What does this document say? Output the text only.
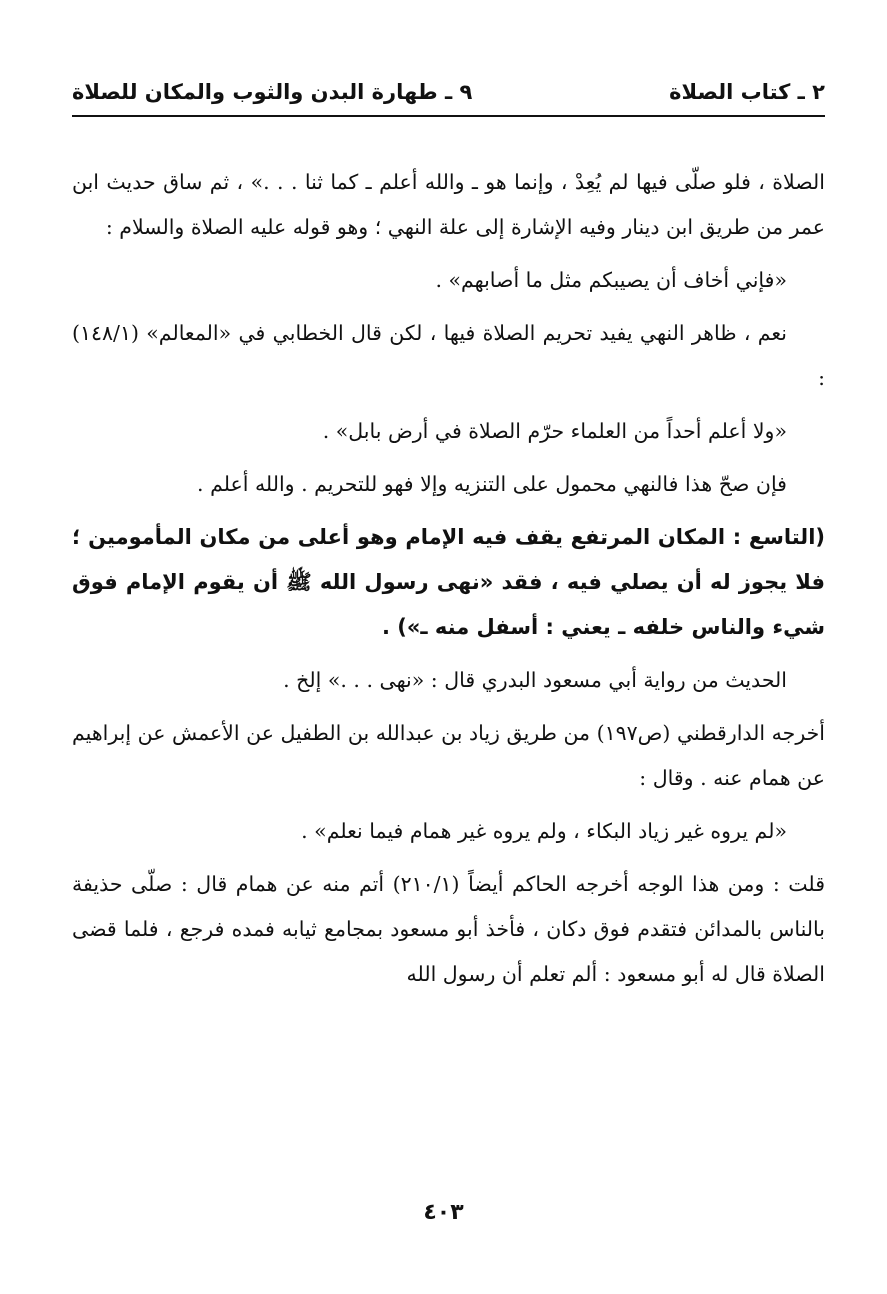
٢ ـ كتاب الصلاة
٩ ـ طهارة البدن والثوب والمكان للصلاة

الصلاة ، فلو صلّى فيها لم يُعِدْ ، وإنما هو ـ والله أعلم ـ كما ثنا . . .» ، ثم ساق حديث ابن عمر من طريق ابن دينار وفيه الإشارة إلى علة النهي ؛ وهو قوله عليه الصلاة والسلام :

«فإني أخاف أن يصيبكم مثل ما أصابهم» .

نعم ، ظاهر النهي يفيد تحريم الصلاة فيها ، لكن قال الخطابي في «المعالم» (١٤٨/١) :

«ولا أعلم أحداً من العلماء حرّم الصلاة في أرض بابل» .

فإن صحّ هذا فالنهي محمول على التنزيه وإلا فهو للتحريم . والله أعلم .

(التاسع : المكان المرتفع يقف فيه الإمام وهو أعلى من مكان المأمومين ؛ فلا يجوز له أن يصلي فيه ، فقد «نهى رسول الله ﷺ أن يقوم الإمام فوق شيء والناس خلفه ـ يعني : أسفل منه ـ») .

الحديث من رواية أبي مسعود البدري قال : «نهى . . .» إلخ .

أخرجه الدارقطني (ص١٩٧) من طريق زياد بن عبدالله بن الطفيل عن الأعمش عن إبراهيم عن همام عنه . وقال :

«لم يروه غير زياد البكاء ، ولم يروه غير همام فيما نعلم» .

قلت : ومن هذا الوجه أخرجه الحاكم أيضاً (٢١٠/١) أتم منه عن همام قال : صلّى حذيفة بالناس بالمدائن فتقدم فوق دكان ، فأخذ أبو مسعود بمجامع ثيابه فمده فرجع ، فلما قضى الصلاة قال له أبو مسعود : ألم تعلم أن رسول الله

٤٠٣
